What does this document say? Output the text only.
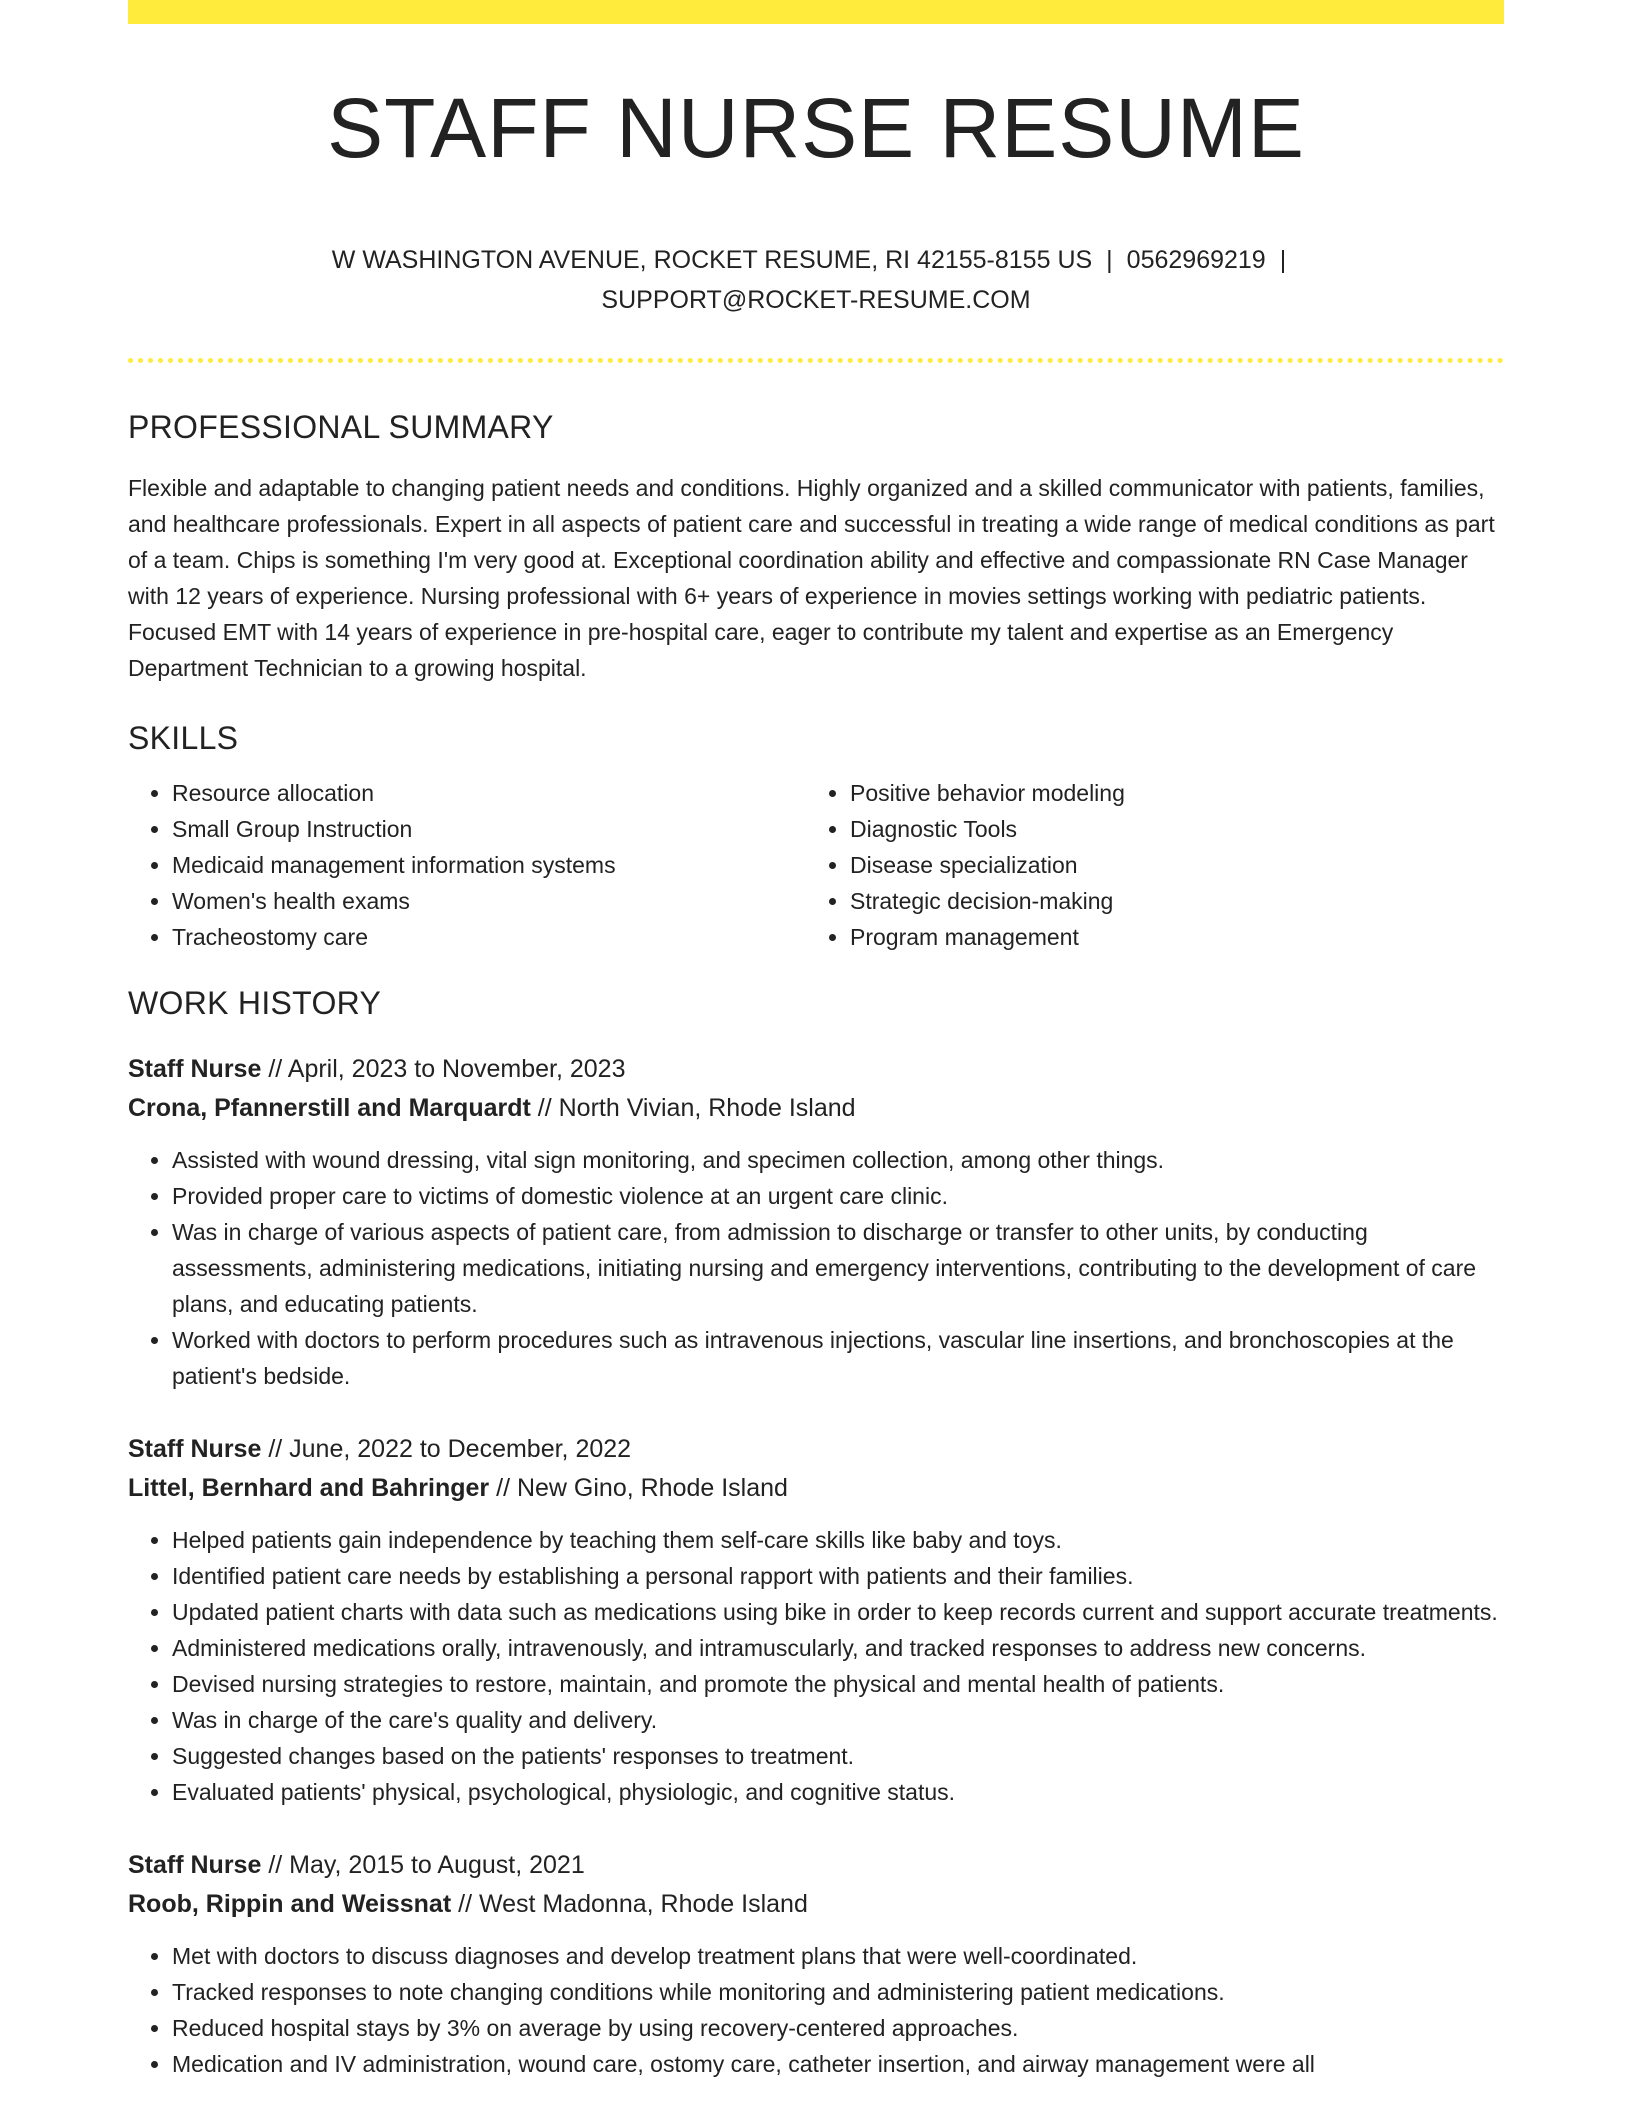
STAFF NURSE RESUME
W WASHINGTON AVENUE, ROCKET RESUME, RI 42155-8155 US | 0562969219 |
SUPPORT@ROCKET-RESUME.COM
PROFESSIONAL SUMMARY
Flexible and adaptable to changing patient needs and conditions. Highly organized and a skilled communicator with patients, families, and healthcare professionals. Expert in all aspects of patient care and successful in treating a wide range of medical conditions as part of a team. Chips is something I'm very good at. Exceptional coordination ability and effective and compassionate RN Case Manager with 12 years of experience. Nursing professional with 6+ years of experience in movies settings working with pediatric patients. Focused EMT with 14 years of experience in pre-hospital care, eager to contribute my talent and expertise as an Emergency Department Technician to a growing hospital.
SKILLS
• Resource allocation
• Small Group Instruction
• Medicaid management information systems
• Women's health exams
• Tracheostomy care
• Positive behavior modeling
• Diagnostic Tools
• Disease specialization
• Strategic decision-making
• Program management
WORK HISTORY
Staff Nurse // April, 2023 to November, 2023
Crona, Pfannerstill and Marquardt // North Vivian, Rhode Island
• Assisted with wound dressing, vital sign monitoring, and specimen collection, among other things.
• Provided proper care to victims of domestic violence at an urgent care clinic.
• Was in charge of various aspects of patient care, from admission to discharge or transfer to other units, by conducting assessments, administering medications, initiating nursing and emergency interventions, contributing to the development of care plans, and educating patients.
• Worked with doctors to perform procedures such as intravenous injections, vascular line insertions, and bronchoscopies at the patient's bedside.
Staff Nurse // June, 2022 to December, 2022
Littel, Bernhard and Bahringer // New Gino, Rhode Island
• Helped patients gain independence by teaching them self-care skills like baby and toys.
• Identified patient care needs by establishing a personal rapport with patients and their families.
• Updated patient charts with data such as medications using bike in order to keep records current and support accurate treatments.
• Administered medications orally, intravenously, and intramuscularly, and tracked responses to address new concerns.
• Devised nursing strategies to restore, maintain, and promote the physical and mental health of patients.
• Was in charge of the care's quality and delivery.
• Suggested changes based on the patients' responses to treatment.
• Evaluated patients' physical, psychological, physiologic, and cognitive status.
Staff Nurse // May, 2015 to August, 2021
Roob, Rippin and Weissnat // West Madonna, Rhode Island
• Met with doctors to discuss diagnoses and develop treatment plans that were well-coordinated.
• Tracked responses to note changing conditions while monitoring and administering patient medications.
• Reduced hospital stays by 3% on average by using recovery-centered approaches.
• Medication and IV administration, wound care, ostomy care, catheter insertion, and airway management were all
